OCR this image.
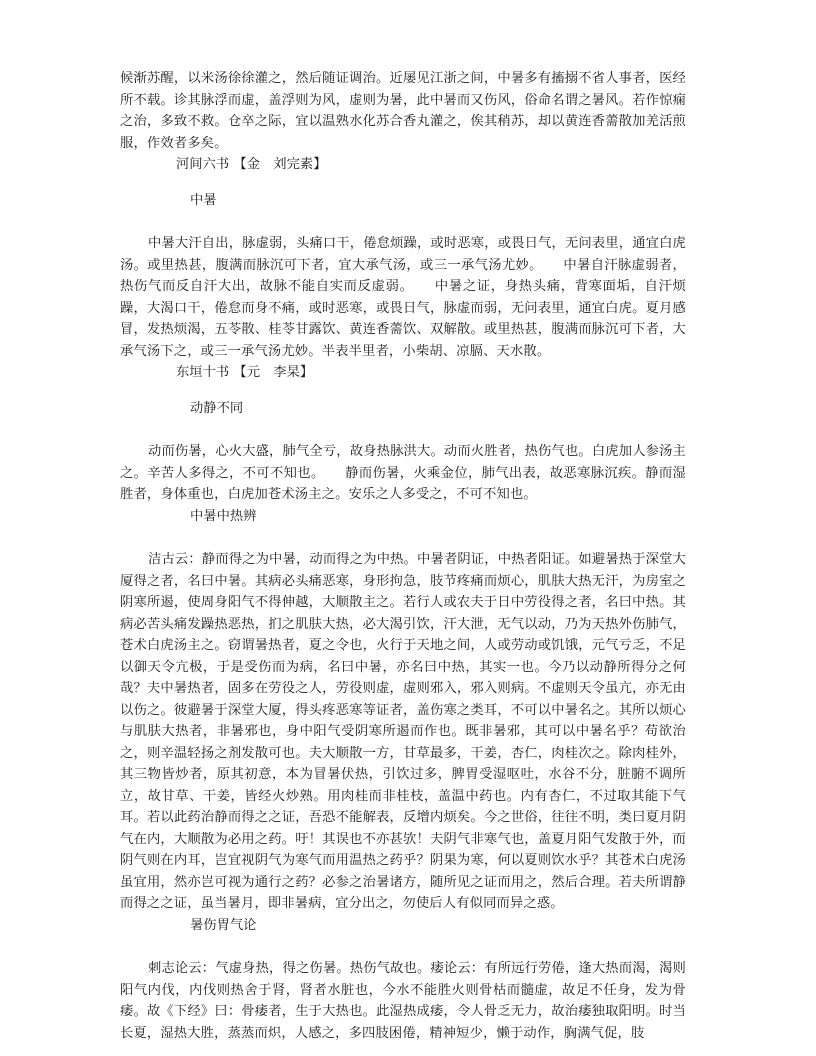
候渐苏醒，以米汤徐徐灌之，然后随证调治。近屡见江浙之间，中暑多有搐搦不省人事者，医经所不载。诊其脉浮而虚，盖浮则为风，虚则为暑，此中暑而又伤风，俗命名谓之暑风。若作惊痫之治，多致不救。仓卒之际，宜以温熟水化苏合香丸灌之，俟其稍苏，却以黄连香薷散加羌活煎服，作效者多矣。

河间六书 【金　刘完素】

中暑

中暑大汗自出，脉虚弱，头痛口干，倦怠烦躁，或时恶寒，或畏日气，无问表里，通宜白虎汤。或里热甚，腹满而脉沉可下者，宜大承气汤，或三一承气汤尤妙。　　中暑自汗脉虚弱者，热伤气而反自汗大出，故脉不能自实而反虚弱。　　中暑之证，身热头痛，背寒面垢，自汗烦躁，大渴口干，倦怠而身不痛，或时恶寒，或畏日气，脉虚而弱，无问表里，通宜白虎。夏月感冒，发热烦渴，五苓散、桂苓甘露饮、黄连香薷饮、双解散。或里热甚，腹满而脉沉可下者，大承气汤下之，或三一承气汤尤妙。半表半里者，小柴胡、凉膈、天水散。

东垣十书 【元　李杲】

动静不同

动而伤暑，心火大盛，肺气全亏，故身热脉洪大。动而火胜者，热伤气也。白虎加人参汤主之。辛苦人多得之，不可不知也。　　静而伤暑，火乘金位，肺气出表，故恶寒脉沉疾。静而湿胜者，身体重也，白虎加苍术汤主之。安乐之人多受之，不可不知也。

中暑中热辨

洁古云：静而得之为中暑，动而得之为中热。中暑者阴证，中热者阳证。如避暑热于深堂大厦得之者，名曰中暑。其病必头痛恶寒，身形拘急，肢节疼痛而烦心，肌肤大热无汗，为房室之阴寒所遏，使周身阳气不得伸越，大顺散主之。若行人或农夫于日中劳役得之者，名曰中热。其病必苦头痛发躁热恶热，扪之肌肤大热，必大渴引饮，汗大泄，无气以动，乃为天热外伤肺气，苍术白虎汤主之。窃谓暑热者，夏之令也，火行于天地之间，人或劳动或饥饿，元气亏乏，不足以御天令亢极，于是受伤而为病，名曰中暑，亦名曰中热，其实一也。今乃以动静所得分之何哉？夫中暑热者，固多在劳役之人，劳役则虚，虚则邪入，邪入则病。不虚则天令虽亢，亦无由以伤之。彼避暑于深堂大厦，得头疼恶寒等证者，盖伤寒之类耳，不可以中暑名之。其所以烦心与肌肤大热者，非暑邪也，身中阳气受阴寒所遏而作也。既非暑邪，其可以中暑名乎？苟欲治之，则辛温轻扬之剂发散可也。夫大顺散一方，甘草最多，干姜，杏仁，肉桂次之。除肉桂外，其三物皆炒者，原其初意，本为冒暑伏热，引饮过多，脾胃受湿呕吐，水谷不分，脏腑不调所立，故甘草、干姜，皆经火炒熟。用肉桂而非桂枝，盖温中药也。内有杏仁，不过取其能下气耳。若以此药治静而得之之证，吾恐不能解表，反增内烦矣。今之世俗，往往不明，类曰夏月阴气在内，大顺散为必用之药。吁！其误也不亦甚欤！夫阴气非寒气也，盖夏月阳气发散于外，而阴气则在内耳，岂宜视阴气为寒气而用温热之药乎？阴果为寒，何以夏则饮水乎？其苍术白虎汤虽宜用，然亦岂可视为通行之药？必参之治暑诸方，随所见之证而用之，然后合理。若夫所谓静而得之之证，虽当暑月，即非暑病，宜分出之，勿使后人有似同而异之惑。

暑伤胃气论

刺志论云：气虚身热，得之伤暑。热伤气故也。痿论云：有所远行劳倦，逢大热而渴，渴则阳气内伐，内伐则热舍于肾，肾者水脏也，今水不能胜火则骨枯而髓虚，故足不任身，发为骨痿。故《下经》曰：骨痿者，生于大热也。此湿热成痿，令人骨乏无力，故治痿独取阳明。时当长夏，湿热大胜，蒸蒸而炽，人感之，多四肢困倦，精神短少，懒于动作，胸满气促，肢
